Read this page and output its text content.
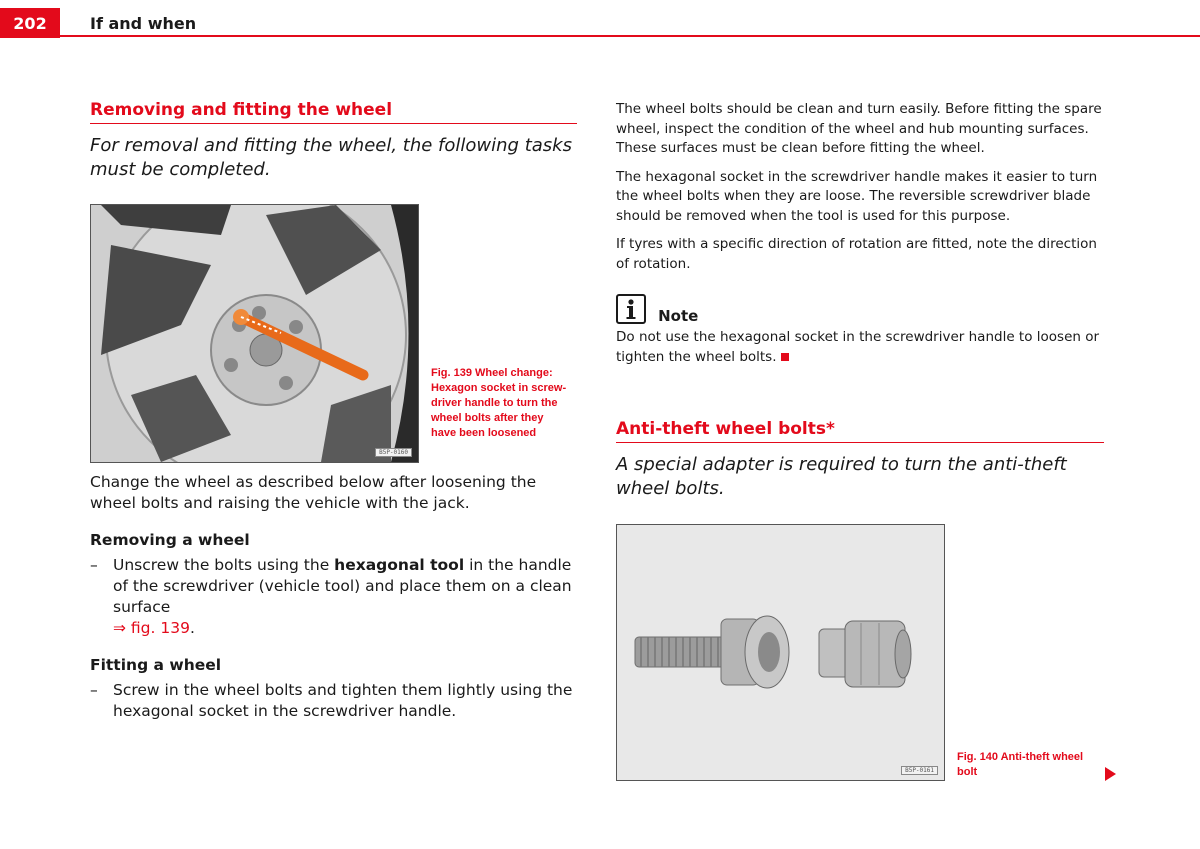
202	If and when
Removing and fitting the wheel

For removal and fitting the wheel, the following tasks must be completed.

B5P-0160
Fig. 139 Wheel change:
Hexagon socket in screw-
driver handle to turn the
wheel bolts after they
have been loosened

Change the wheel as described below after loosening the wheel bolts and raising the vehicle with the jack.

Removing a wheel

– Unscrew the bolts using the hexagonal tool in the handle of the screwdriver (vehicle tool) and place them on a clean surface
⇒ fig. 139.

Fitting a wheel

– Screw in the wheel bolts and tighten them lightly using the hexagonal socket in the screwdriver handle.

The wheel bolts should be clean and turn easily. Before fitting the spare wheel, inspect the condition of the wheel and hub mounting surfaces. These surfaces must be clean before fitting the wheel.

The hexagonal socket in the screwdriver handle makes it easier to turn the wheel bolts when they are loose. The reversible screwdriver blade should be removed when the tool is used for this purpose.

If tyres with a specific direction of rotation are fitted, note the direction of rotation.

Note

Do not use the hexagonal socket in the screwdriver handle to loosen or tighten the wheel bolts.

Anti-theft wheel bolts*

A special adapter is required to turn the anti-theft wheel bolts.

B5P-0161
Fig. 140 Anti-theft wheel
bolt
